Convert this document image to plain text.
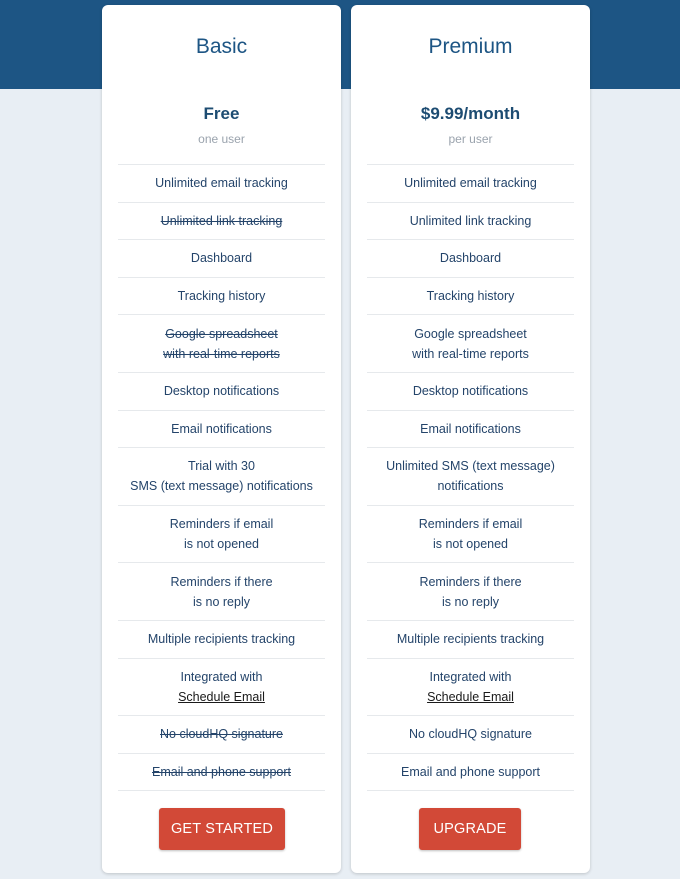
Basic
Free
one user
Unlimited email tracking
Unlimited link tracking
Dashboard
Tracking history
Google spreadsheet
with real-time reports
Desktop notifications
Email notifications
Trial with 30
SMS (text message) notifications
Reminders if email
is not opened
Reminders if there
is no reply
Multiple recipients tracking
Integrated with
Schedule Email
No cloudHQ signature
Email and phone support
GET STARTED
Premium
$9.99/month
per user
Unlimited email tracking
Unlimited link tracking
Dashboard
Tracking history
Google spreadsheet
with real-time reports
Desktop notifications
Email notifications
Unlimited SMS (text message)
notifications
Reminders if email
is not opened
Reminders if there
is no reply
Multiple recipients tracking
Integrated with
Schedule Email
No cloudHQ signature
Email and phone support
UPGRADE
